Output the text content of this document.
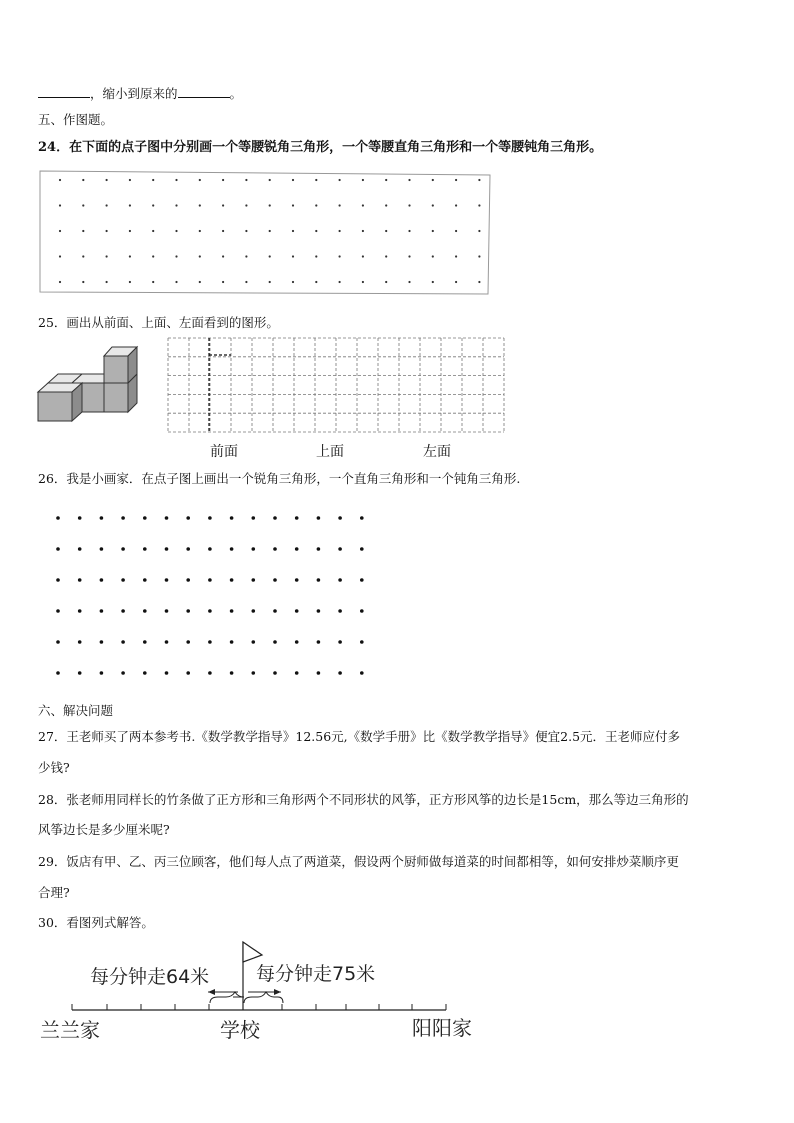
，缩小到原来的	。
五、作图题。
24．在下面的点子图中分别画一个等腰锐角三角形，一个等腰直角三角形和一个等腰钝角三角形。
每分钟走64米 每分钟走75米
兰兰家	学校	阳阳家
25．画出从前面、上面、左面看到的图形。
前面	上面	左面
26．我是小画家．在点子图上画出一个锐角三角形，一个直角三角形和一个钝角三角形.
六、解决问题
27．王老师买了两本参考书.《数学教学指导》12.56元,《数学手册》比《数学教学指导》便宜2.5元．王老师应付多
少钱?
28．张老师用同样长的竹条做了正方形和三角形两个不同形状的风筝，正方形风筝的边长是15cm，那么等边三角形的
风筝边长是多少厘米呢?
29．饭店有甲、乙、丙三位顾客，他们每人点了两道菜，假设两个厨师做每道菜的时间都相等，如何安排炒菜顺序更
合理?
30．看图列式解答。
